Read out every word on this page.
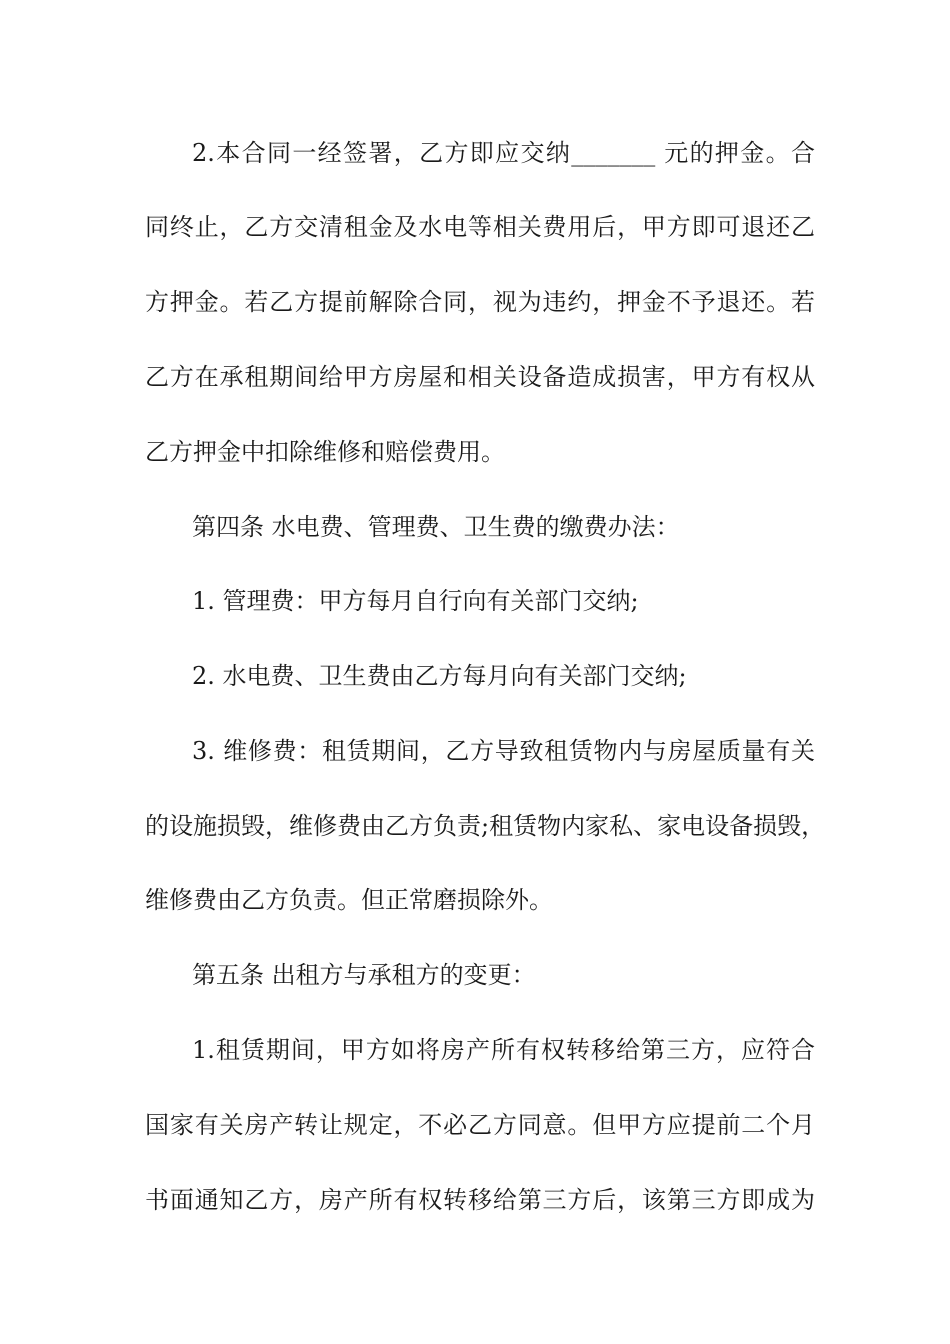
2.本合同一经签署，乙方即应交纳_______ 元的押金。合
同终止，乙方交清租金及水电等相关费用后，甲方即可退还乙
方押金。若乙方提前解除合同，视为违约，押金不予退还。若
乙方在承租期间给甲方房屋和相关设备造成损害，甲方有权从
乙方押金中扣除维修和赔偿费用。
第四条 水电费、管理费、卫生费的缴费办法：
1. 管理费：甲方每月自行向有关部门交纳;
2. 水电费、卫生费由乙方每月向有关部门交纳;
3. 维修费：租赁期间，乙方导致租赁物内与房屋质量有关
的设施损毁，维修费由乙方负责;租赁物内家私、家电设备损毁，
维修费由乙方负责。但正常磨损除外。
第五条 出租方与承租方的变更：
1.租赁期间，甲方如将房产所有权转移给第三方，应符合
国家有关房产转让规定，不必乙方同意。但甲方应提前二个月
书面通知乙方，房产所有权转移给第三方后，该第三方即成为
